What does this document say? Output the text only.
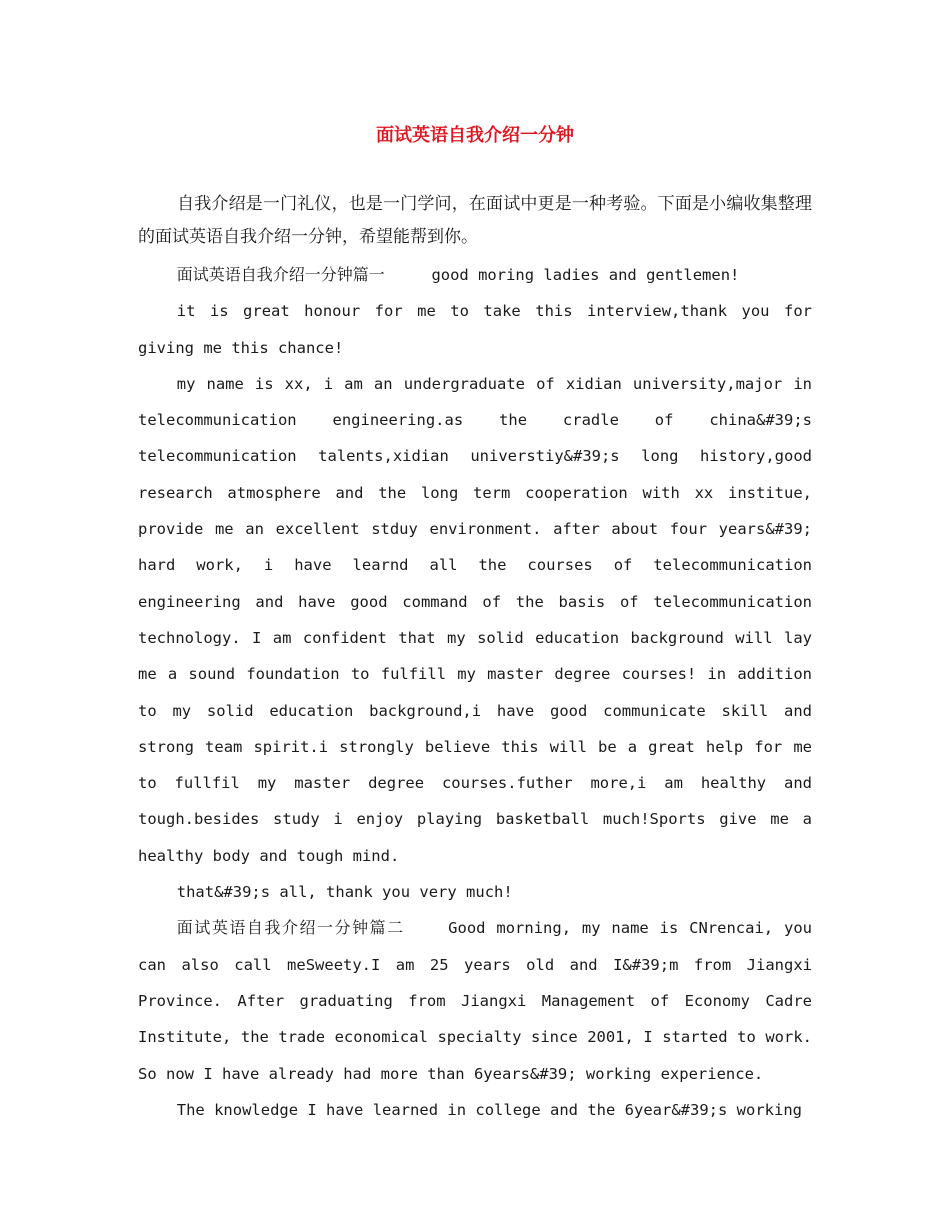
面试英语自我介绍一分钟

自我介绍是一门礼仪，也是一门学问，在面试中更是一种考验。下面是小编收集整理的面试英语自我介绍一分钟，希望能帮到你。

面试英语自我介绍一分钟篇一	good moring ladies and gentlemen!

it is great honour for me to take this interview,thank you for giving me this chance!

my name is xx, i am an undergraduate of xidian university,major in telecommunication engineering.as the cradle of china&#39;s telecommunication talents,xidian universtiy&#39;s long history,good research atmosphere and the long term cooperation with xx institue, provide me an excellent stduy environment. after about four years&#39; hard work, i have learnd all the courses of telecommunication engineering and have good command of the basis of telecommunication technology. I am confident that my solid education background will lay me a sound foundation to fulfill my master degree courses! in addition to my solid education background,i have good communicate skill and strong team spirit.i strongly believe this will be a great help for me to fullfil my master degree courses.futher more,i am healthy and tough.besides study i enjoy playing basketball much!Sports give me a healthy body and tough mind.

that&#39;s all, thank you very much!

面试英语自我介绍一分钟篇二	Good morning, my name is CNrencai, you can also call meSweety.I am 25 years old and I&#39;m from Jiangxi Province. After graduating from Jiangxi Management of Economy Cadre Institute, the trade economical specialty since 2001, I started to work. So now I have already had more than 6years&#39; working experience.

The knowledge I have learned in college and the 6year&#39;s working
